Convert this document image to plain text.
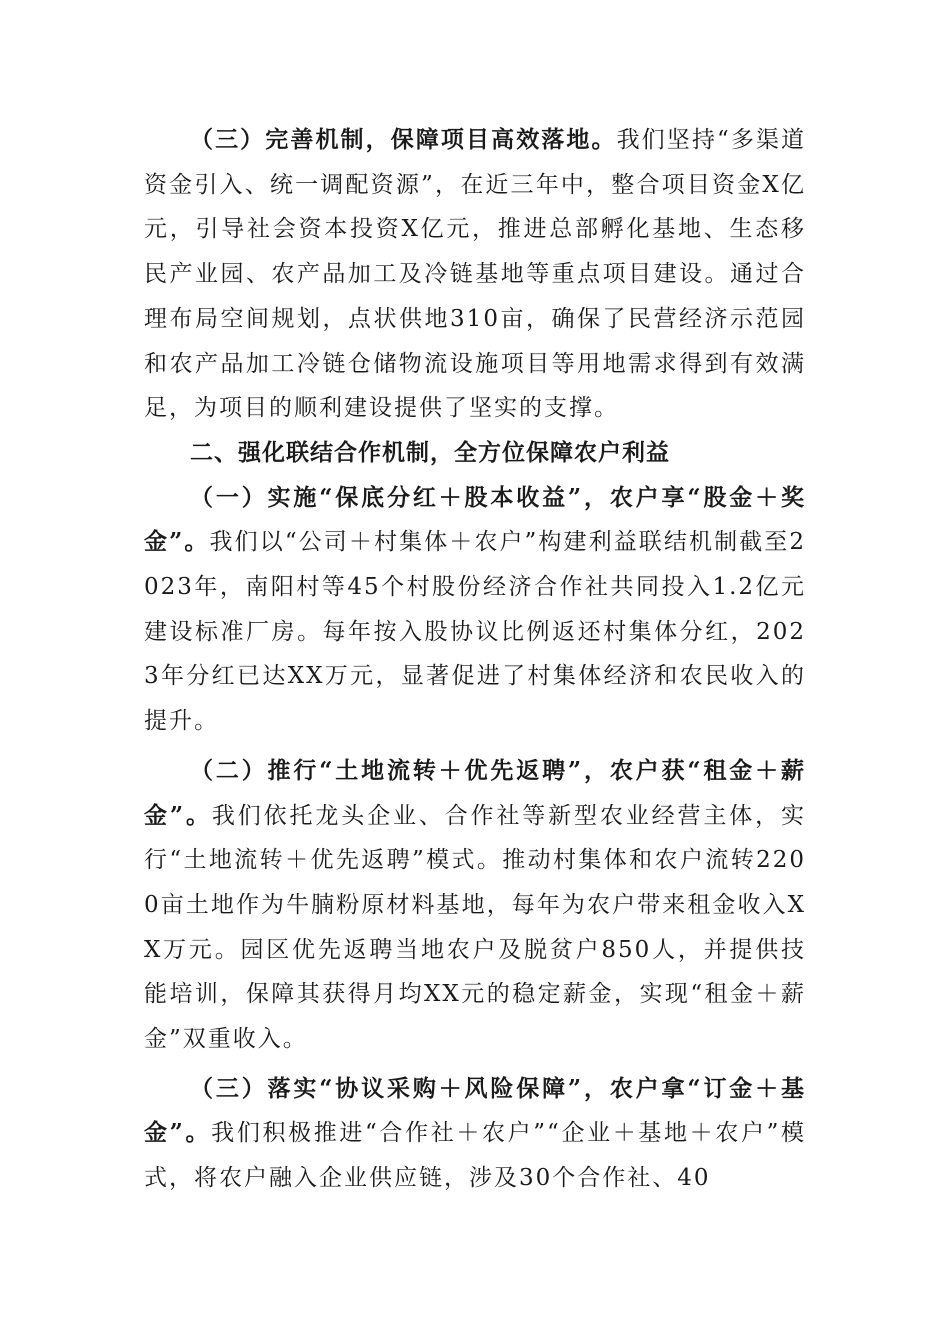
（三）完善机制，保障项目高效落地。我们坚持“多渠道资金引入、统一调配资源”，在近三年中，整合项目资金X亿元，引导社会资本投资X亿元，推进总部孵化基地、生态移民产业园、农产品加工及冷链基地等重点项目建设。通过合理布局空间规划，点状供地310亩，确保了民营经济示范园和农产品加工冷链仓储物流设施项目等用地需求得到有效满足，为项目的顺利建设提供了坚实的支撑。

二、强化联结合作机制，全方位保障农户利益

（一）实施“保底分红＋股本收益”，农户享“股金＋奖金”。我们以“公司＋村集体＋农户”构建利益联结机制截至2023年，南阳村等45个村股份经济合作社共同投入1.2亿元建设标准厂房。每年按入股协议比例返还村集体分红，2023年分红已达XX万元，显著促进了村集体经济和农民收入的提升。

（二）推行“土地流转＋优先返聘”，农户获“租金＋薪金”。我们依托龙头企业、合作社等新型农业经营主体，实行“土地流转＋优先返聘”模式。推动村集体和农户流转2200亩土地作为牛腩粉原材料基地，每年为农户带来租金收入XX万元。园区优先返聘当地农户及脱贫户850人，并提供技能培训，保障其获得月均XX元的稳定薪金，实现“租金＋薪金”双重收入。

（三）落实“协议采购＋风险保障”，农户拿“订金＋基金”。我们积极推进“合作社＋农户”“企业＋基地＋农户”模式，将农户融入企业供应链，涉及30个合作社、40
